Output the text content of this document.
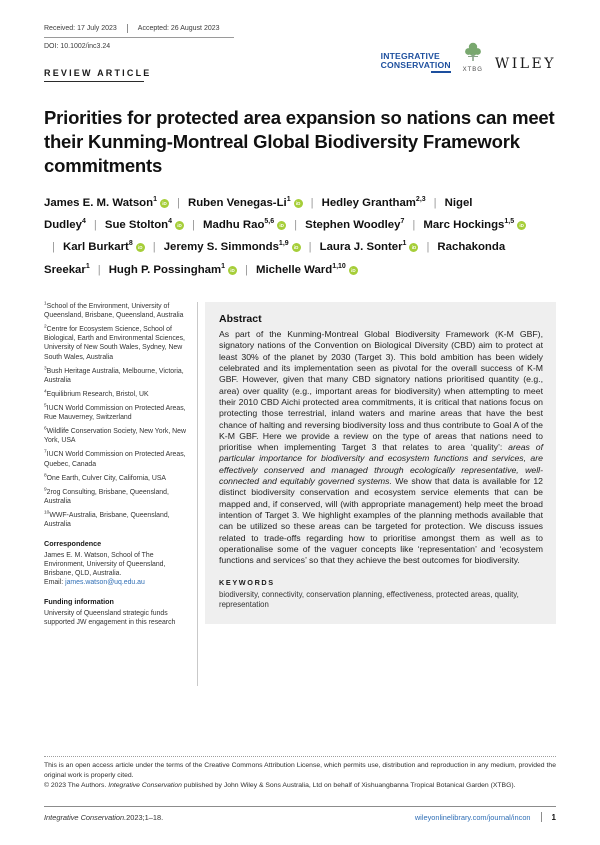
Received: 17 July 2023	Accepted: 26 August 2023
DOI: 10.1002/inc3.24
INTEGRATIVE
CONSERVATION
XTBG WILEY
REVIEW ARTICLE
Priorities for protected area expansion so nations can meet their Kunming-Montreal Global Biodiversity Framework commitments

James E. M. Watson$^1$iD | Ruben Venegas-Li$^1$iD | Hedley Grantham$^{2,3}$ | Nigel Dudley$^4$ | Sue Stolton$^4$iD | Madhu Rao$^{5,6}$iD | Stephen Woodley$^7$ | Marc Hockings$^{1,5}$iD| Karl Burkart$^8$iD | Jeremy S. Simmonds$^{1,9}$iD | Laura J. Sonter$^1$iD | Rachakonda Sreekar$^1$ | Hugh P. Possingham$^1$iD | Michelle Ward$^{1,10}$iD

$^1$School of the Environment, University of Queensland, Brisbane, Queensland, Australia

$^2$Centre for Ecosystem Science, School of Biological, Earth and Environmental Sciences, University of New South Wales, Sydney, New South Wales, Australia

$^3$Bush Heritage Australia, Melbourne, Victoria, Australia

$^4$Equilibrium Research, Bristol, UK

$^5$IUCN World Commission on Protected Areas, Rue Mauverney, Switzerland

$^6$Wildlife Conservation Society, New York, New York, USA

$^7$IUCN World Commission on Protected Areas, Quebec, Canada

$^8$One Earth, Culver City, California, USA

$^9$2rog Consulting, Brisbane, Queensland, Australia

$^{10}$WWF-Australia, Brisbane, Queensland, Australia

Correspondence
James E. M. Watson, School of The Environment, University of Queensland, Brisbane, QLD, Australia.
Email: james.watson@uq.edu.au
Funding information
University of Queensland strategic funds supported JW engagement in this research
Abstract

As part of the Kunming-Montreal Global Biodiversity Framework (K-M GBF), signatory nations of the Convention on Biological Diversity (CBD) aim to protect at least 30% of the planet by 2030 (Target 3). This bold ambition has been widely celebrated and its implementation seen as pivotal for the overall success of K-M GBF. However, given that many CBD signatory nations prioritised quantity (e.g., area) over quality (e.g., important areas for biodiversity) when attempting to meet their 2010 CBD Aichi protected area commitments, it is critical that nations focus on protecting those terrestrial, inland waters and marine areas that have the best chance of halting and reversing biodiversity loss and thus contribute to Goal A of the K-M GBF. Here we provide a review on the type of areas that nations need to prioritise when implementing Target 3 that relates to area ‘quality’: areas of particular importance for biodiversity and ecosystem functions and services, are effectively conserved and managed through ecologically representative, well-connected and equitably governed systems. We show that data is available for 12 distinct biodiversity conservation and ecosystem service elements that can be mapped and, if conserved, will (with appropriate management) help meet the broad intention of Target 3. We highlight examples of the planning methods available that can be utilized so these areas can be targeted for protection. We discuss issues related to trade-offs regarding how to prioritise amongst them as well as to operationalise some of the vaguer concepts like ‘representation’ and ‘ecosystem functions and services’ so that they achieve the best outcomes for biodiversity.

KEYWORDS
biodiversity, connectivity, conservation planning, effectiveness, protected areas, quality, representation
This is an open access article under the terms of the Creative Commons Attribution License, which permits use, distribution and reproduction in any medium, provided the original work is properly cited.
© 2023 The Authors. Integrative Conservation published by John Wiley & Sons Australia, Ltd on behalf of Xishuangbanna Tropical Botanical Garden (XTBG).
Integrative Conservation. 2023;1–18.	wileyonlinelibrary.com/journal/incon	1
